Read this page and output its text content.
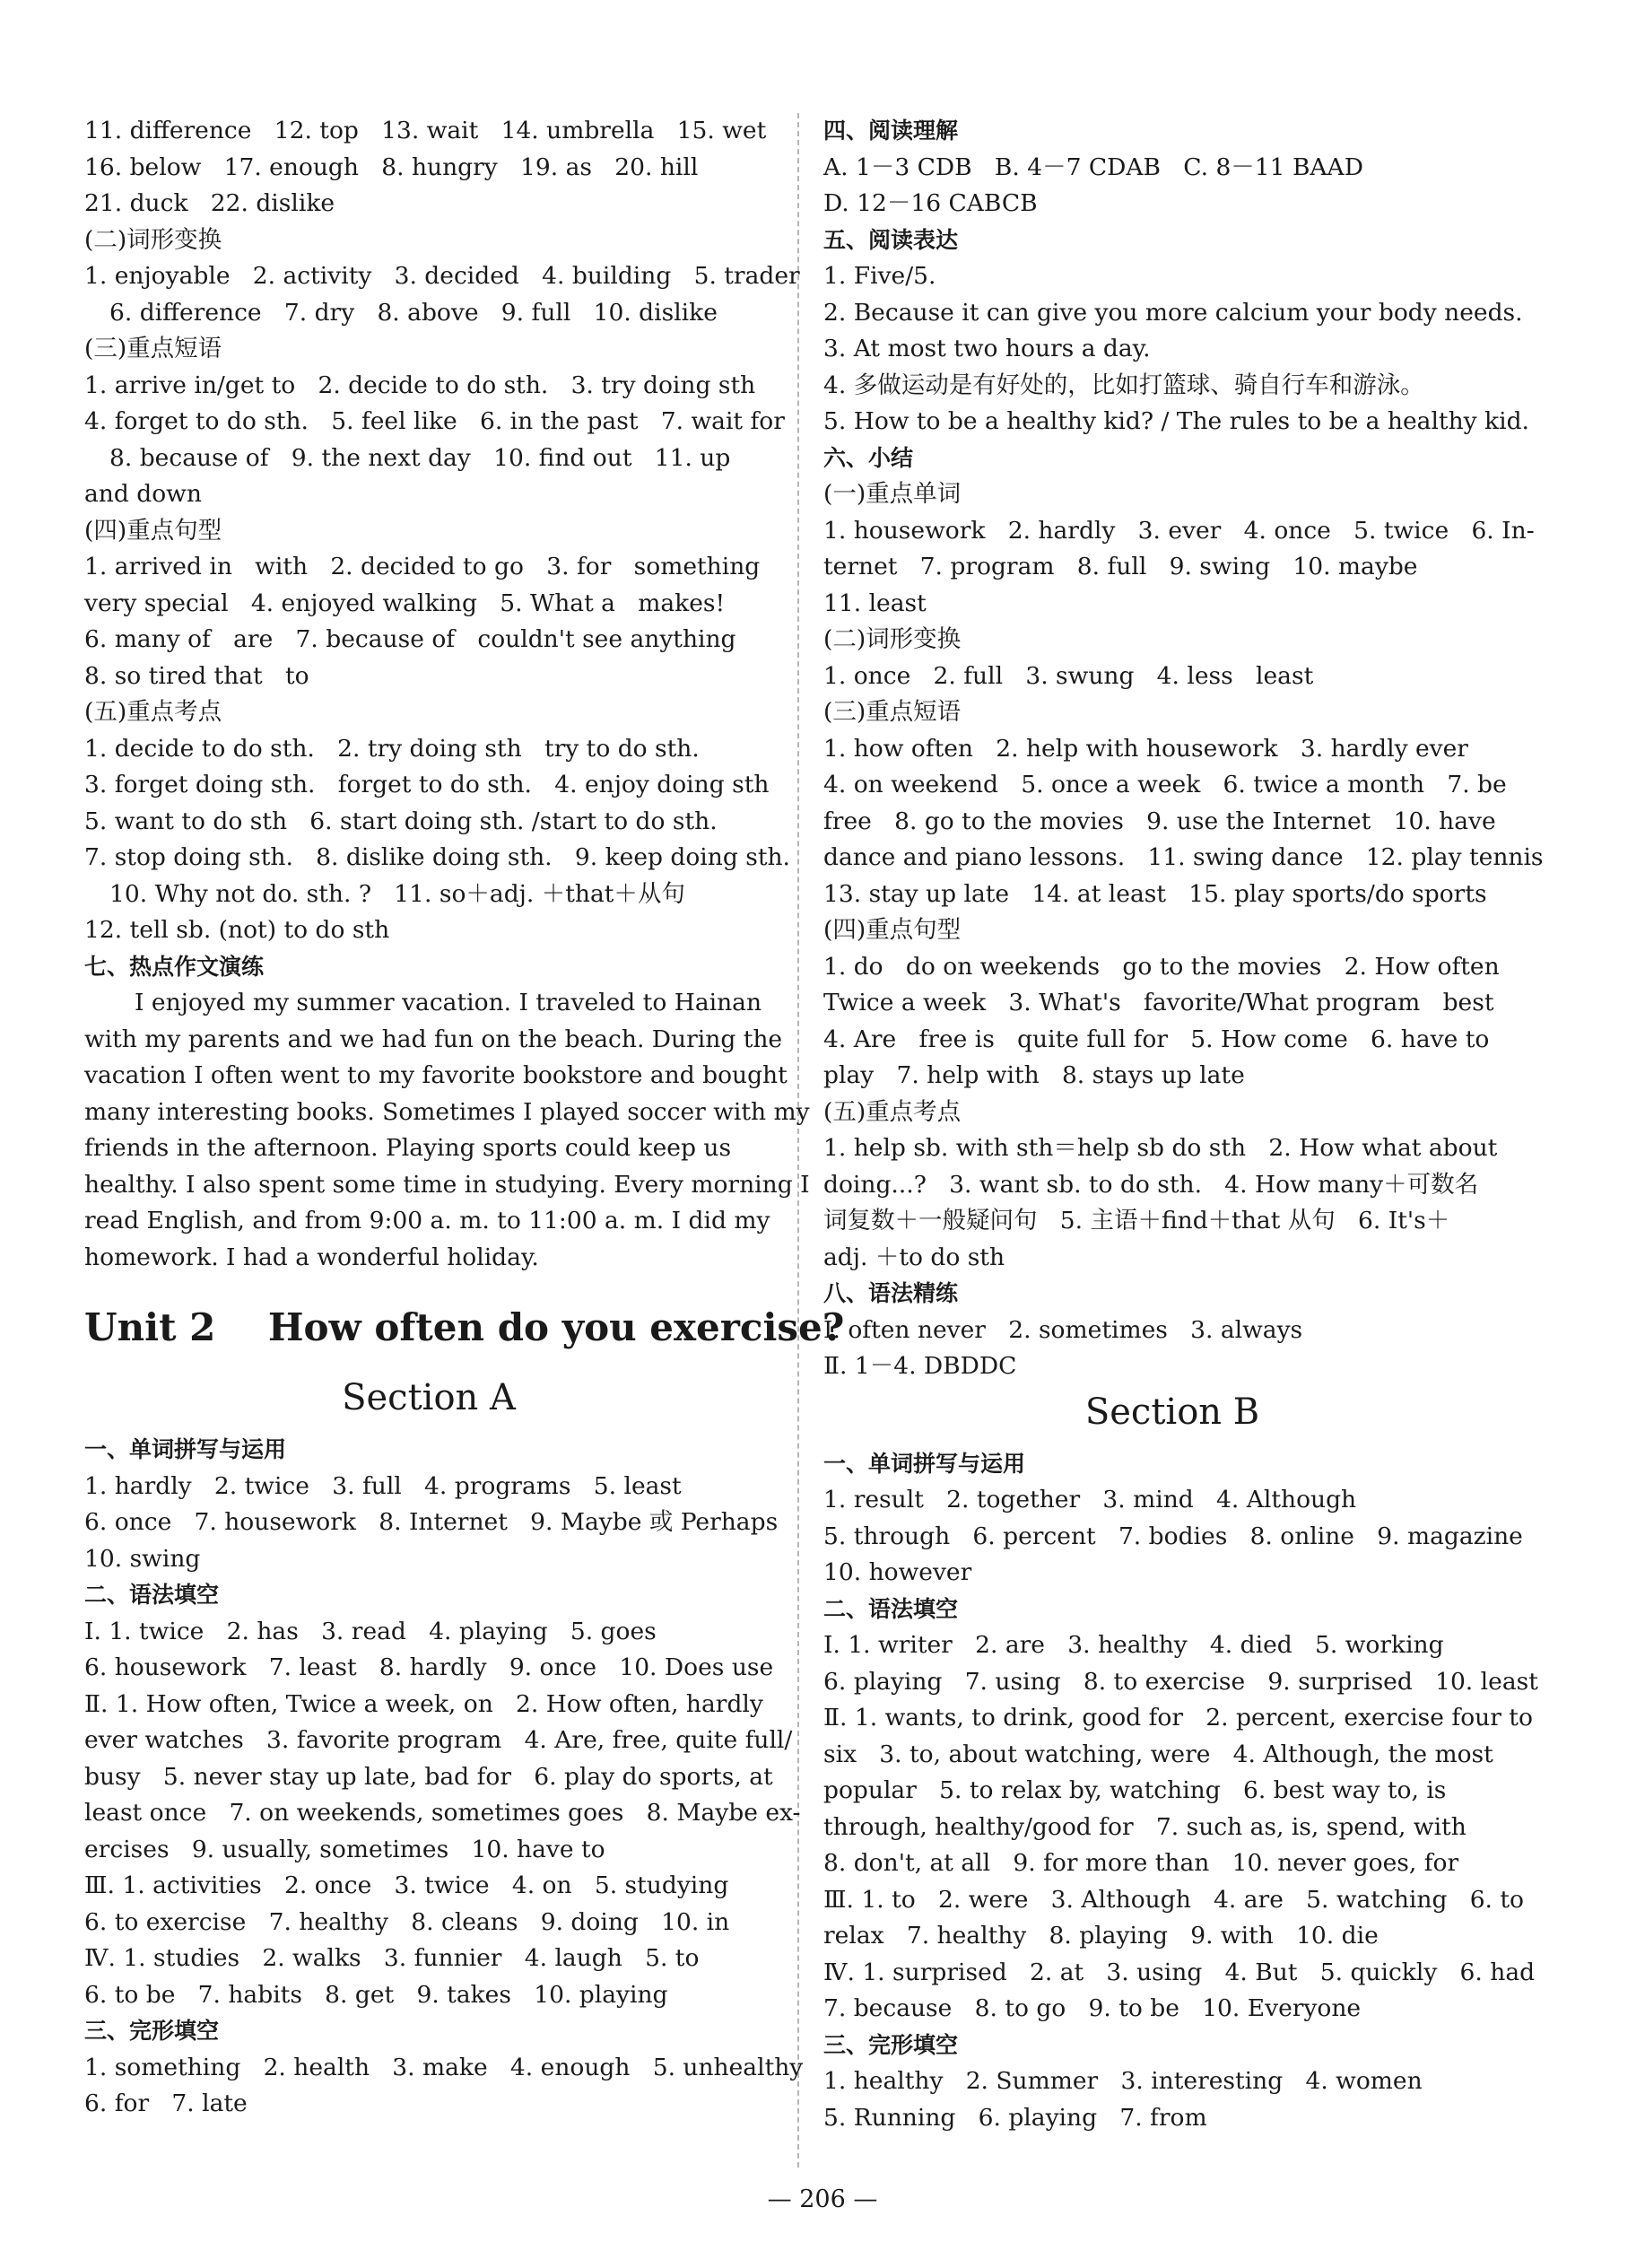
11. difference   12. top   13. wait   14. umbrella   15. wet
16. below   17. enough   8. hungry   19. as   20. hill
21. duck   22. dislike
(二)词形变换
1. enjoyable   2. activity   3. decided   4. building   5. trader
6. difference   7. dry   8. above   9. full   10. dislike
(三)重点短语
1. arrive in/get to   2. decide to do sth.   3. try doing sth
4. forget to do sth.   5. feel like   6. in the past   7. wait for
8. because of   9. the next day   10. find out   11. up
and down
(四)重点句型
1. arrived in   with   2. decided to go   3. for   something
very special   4. enjoyed walking   5. What a   makes!
6. many of   are   7. because of   couldn't see anything
8. so tired that   to
(五)重点考点
1. decide to do sth.   2. try doing sth   try to do sth.
3. forget doing sth.   forget to do sth.   4. enjoy doing sth
5. want to do sth   6. start doing sth. /start to do sth.
7. stop doing sth.   8. dislike doing sth.   9. keep doing sth.
10. Why not do. sth. ?   11. so＋adj. ＋that＋从句
12. tell sb. (not) to do sth
七、热点作文演练
I enjoyed my summer vacation. I traveled to Hainan
with my parents and we had fun on the beach. During the
vacation I often went to my favorite bookstore and bought
many interesting books. Sometimes I played soccer with my
friends in the afternoon. Playing sports could keep us
healthy. I also spent some time in studying. Every morning I
read English, and from 9:00 a. m. to 11:00 a. m. I did my
homework. I had a wonderful holiday.
Unit 2    How often do you exercise?
Section A
一、单词拼写与运用
1. hardly   2. twice   3. full   4. programs   5. least
6. once   7. housework   8. Internet   9. Maybe 或 Perhaps
10. swing
二、语法填空
Ⅰ. 1. twice   2. has   3. read   4. playing   5. goes
6. housework   7. least   8. hardly   9. once   10. Does use
Ⅱ. 1. How often, Twice a week, on   2. How often, hardly
ever watches   3. favorite program   4. Are, free, quite full/
busy   5. never stay up late, bad for   6. play do sports, at
least once   7. on weekends, sometimes goes   8. Maybe ex-
ercises   9. usually, sometimes   10. have to
Ⅲ. 1. activities   2. once   3. twice   4. on   5. studying
6. to exercise   7. healthy   8. cleans   9. doing   10. in
Ⅳ. 1. studies   2. walks   3. funnier   4. laugh   5. to
6. to be   7. habits   8. get   9. takes   10. playing
三、完形填空
1. something   2. health   3. make   4. enough   5. unhealthy
6. for   7. late
四、阅读理解
A. 1－3 CDB   B. 4－7 CDAB   C. 8－11 BAAD
D. 12－16 CABCB
五、阅读表达
1. Five/5.
2. Because it can give you more calcium your body needs.
3. At most two hours a day.
4. 多做运动是有好处的，比如打篮球、骑自行车和游泳。
5. How to be a healthy kid? / The rules to be a healthy kid.
六、小结
(一)重点单词
1. housework   2. hardly   3. ever   4. once   5. twice   6. In-
ternet   7. program   8. full   9. swing   10. maybe
11. least
(二)词形变换
1. once   2. full   3. swung   4. less   least
(三)重点短语
1. how often   2. help with housework   3. hardly ever
4. on weekend   5. once a week   6. twice a month   7. be
free   8. go to the movies   9. use the Internet   10. have
dance and piano lessons.   11. swing dance   12. play tennis
13. stay up late   14. at least   15. play sports/do sports
(四)重点句型
1. do   do on weekends   go to the movies   2. How often
Twice a week   3. What's   favorite/What program   best
4. Are   free is   quite full for   5. How come   6. have to
play   7. help with   8. stays up late
(五)重点考点
1. help sb. with sth＝help sb do sth   2. How what about
doing...?   3. want sb. to do sth.   4. How many＋可数名
词复数＋一般疑问句   5. 主语＋find＋that 从句   6. It's＋
adj. ＋to do sth
八、语法精练
Ⅰ. often never   2. sometimes   3. always
Ⅱ. 1－4. DBDDC
Section B
一、单词拼写与运用
1. result   2. together   3. mind   4. Although
5. through   6. percent   7. bodies   8. online   9. magazine
10. however
二、语法填空
Ⅰ. 1. writer   2. are   3. healthy   4. died   5. working
6. playing   7. using   8. to exercise   9. surprised   10. least
Ⅱ. 1. wants, to drink, good for   2. percent, exercise four to
six   3. to, about watching, were   4. Although, the most
popular   5. to relax by, watching   6. best way to, is
through, healthy/good for   7. such as, is, spend, with
8. don't, at all   9. for more than   10. never goes, for
Ⅲ. 1. to   2. were   3. Although   4. are   5. watching   6. to
relax   7. healthy   8. playing   9. with   10. die
Ⅳ. 1. surprised   2. at   3. using   4. But   5. quickly   6. had
7. because   8. to go   9. to be   10. Everyone
三、完形填空
1. healthy   2. Summer   3. interesting   4. women
5. Running   6. playing   7. from
— 206 —
